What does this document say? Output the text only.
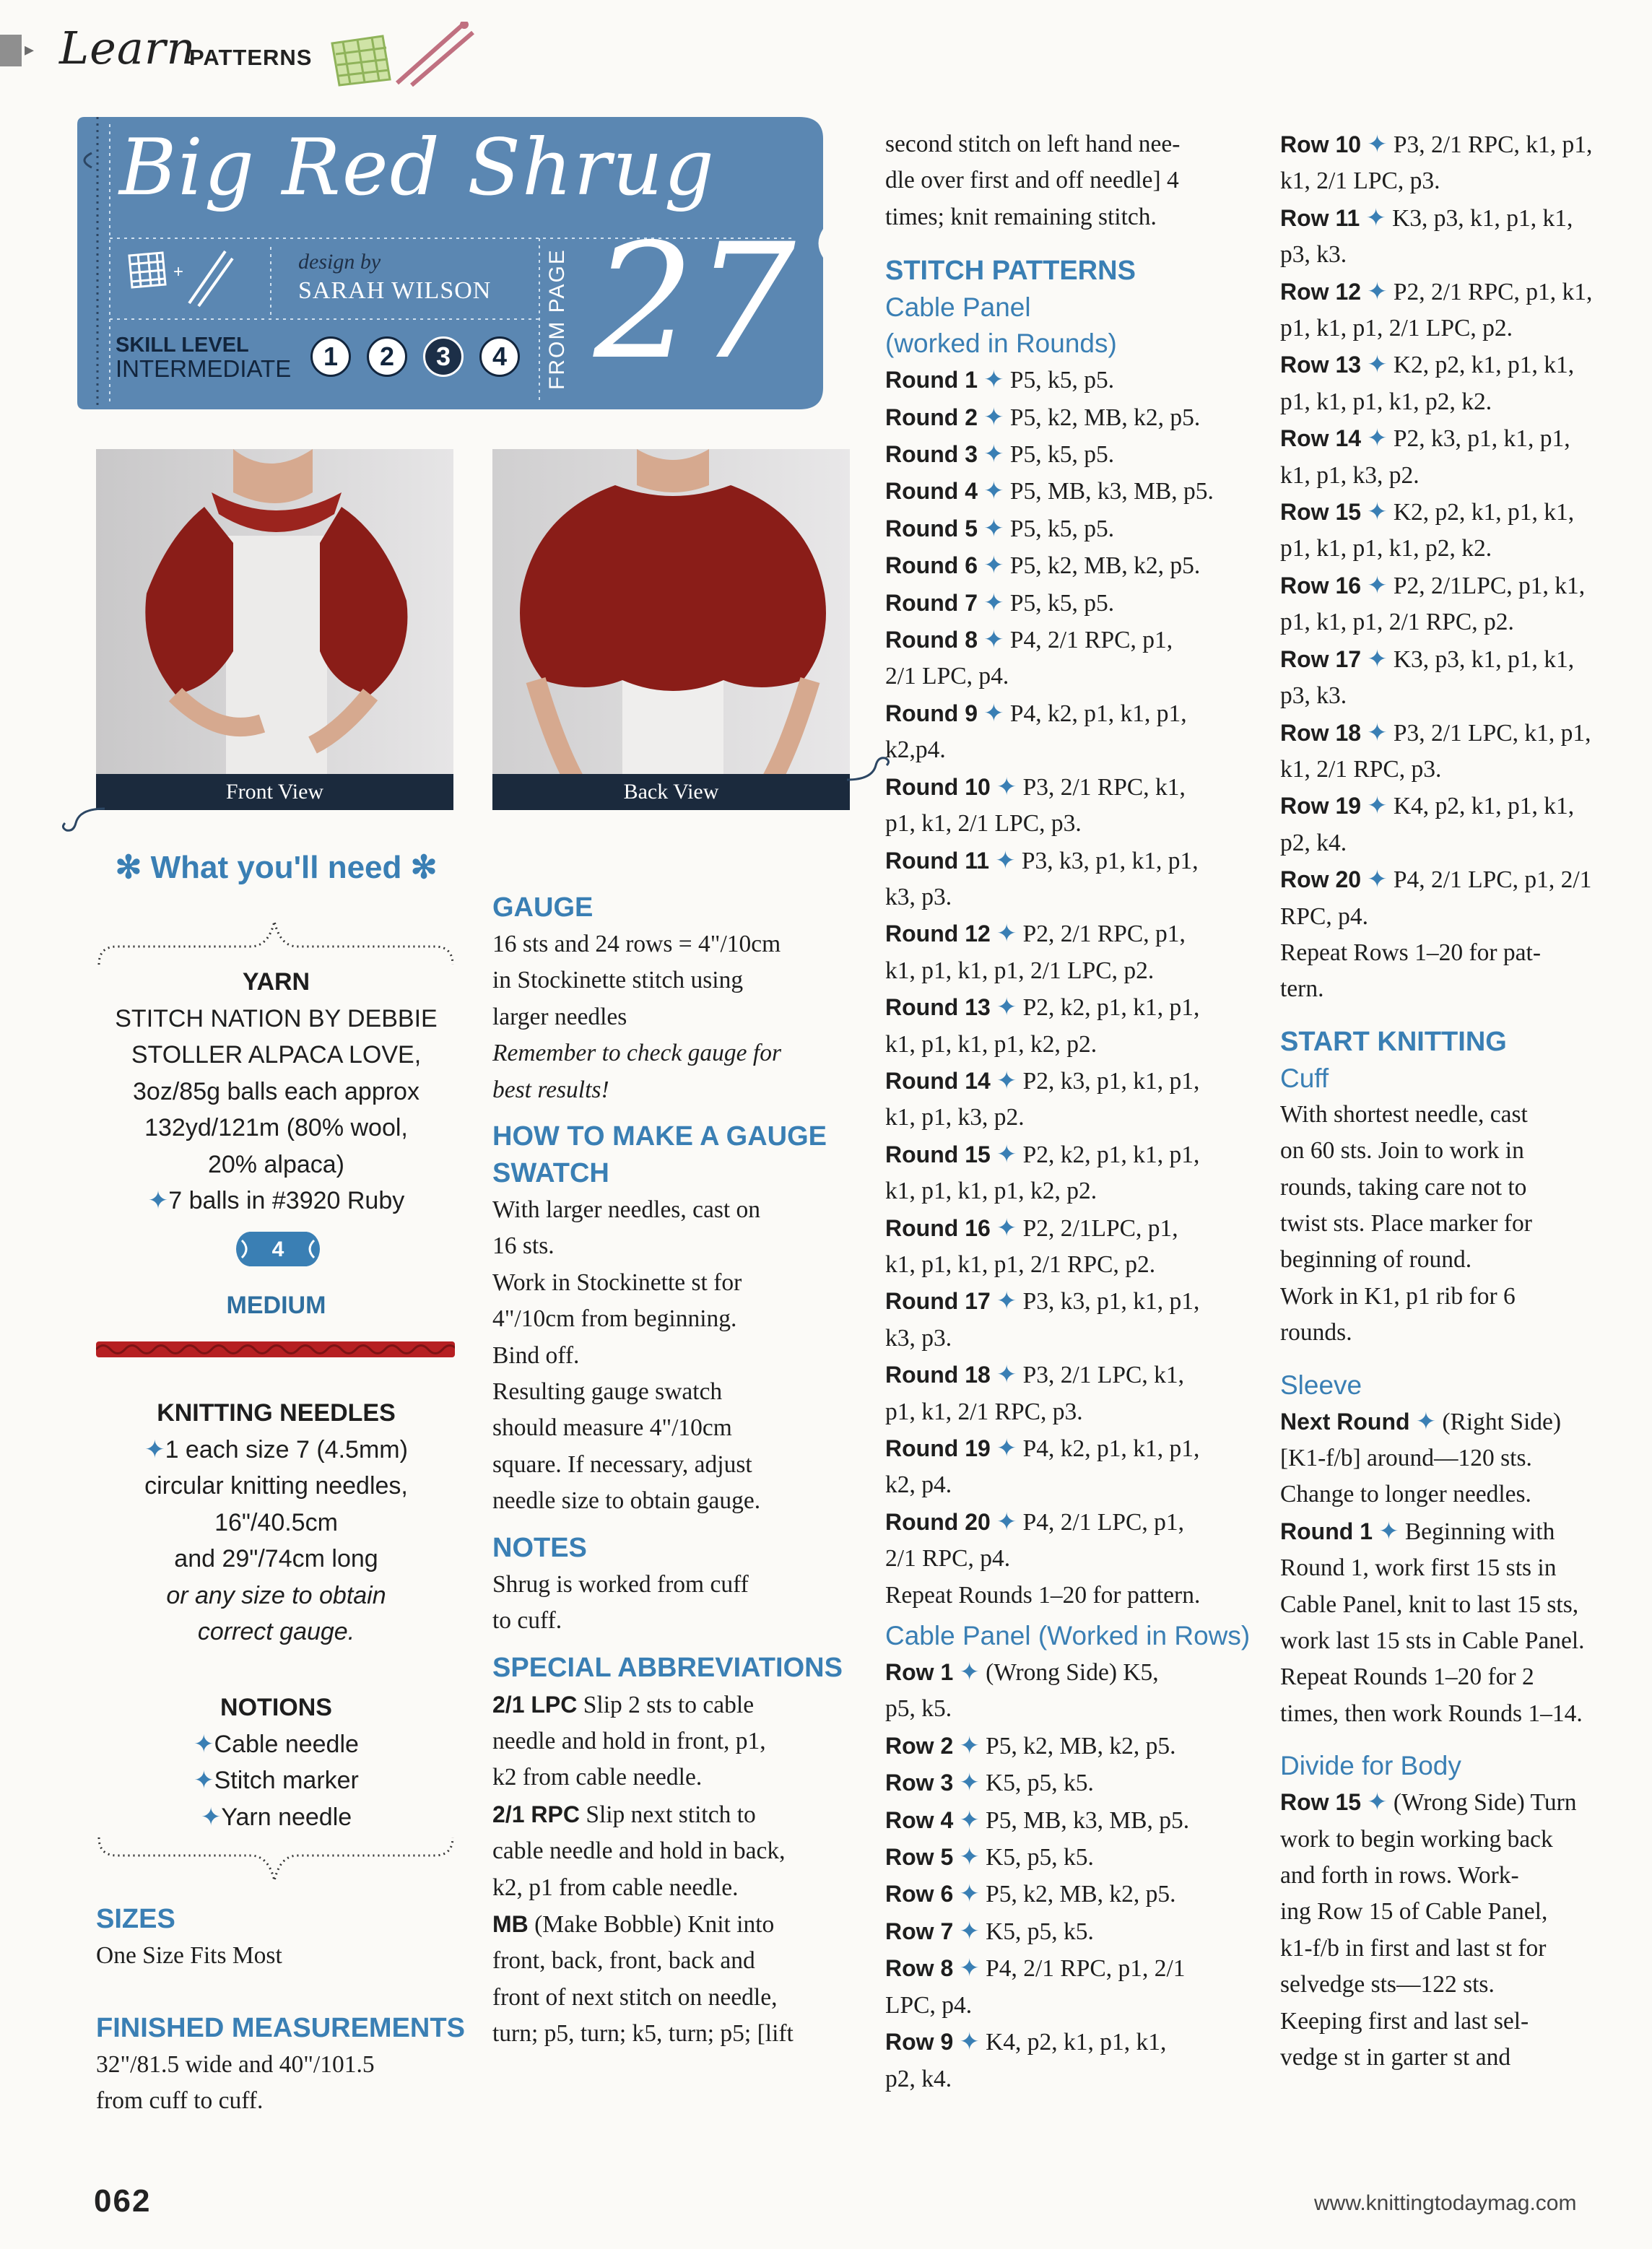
▸ Learn
PATTERNS
+
Big Red Shrug
design by
SARAH WILSON
SKILL LEVEL
INTERMEDIATE	1	2	3	4	FROM PAGE 27
Front View	Back View
✻ What you'll need ✻
YARN
STITCH NATION BY DEBBIE
STOLLER ALPACA LOVE,
3oz/85g balls each approx
132yd/121m (80% wool,
20% alpaca)
✦7 balls in #3920 Ruby
4
MEDIUM
KNITTING NEEDLES
✦1 each size 7 (4.5mm)
circular knitting needles,
16"/40.5cm
and 29"/74cm long
or any size to obtain
correct gauge.
NOTIONS
✦Cable needle
✦Stitch marker
✦Yarn needle
SIZES

One Size Fits Most

FINISHED MEASUREMENTS

32"/81.5 wide and 40"/101.5

from cuff to cuff.

GAUGE

16 sts and 24 rows = 4"/10cm

in Stockinette stitch using

larger needles

Remember to check gauge for

best results!

HOW TO MAKE A GAUGE
SWATCH

With larger needles, cast on

16 sts.

Work in Stockinette st for

4"/10cm from beginning.

Bind off.

Resulting gauge swatch

should measure 4"/10cm

square. If necessary, adjust

needle size to obtain gauge.

NOTES

Shrug is worked from cuff

to cuff.

SPECIAL ABBREVIATIONS

2/1 LPC Slip 2 sts to cable

needle and hold in front, p1,

k2 from cable needle.

2/1 RPC Slip next stitch to

cable needle and hold in back,

k2, p1 from cable needle.

MB (Make Bobble) Knit into

front, back, front, back and

front of next stitch on needle,

turn; p5, turn; k5, turn; p5; [lift

second stitch on left hand nee-

dle over first and off needle] 4

times; knit remaining stitch.

STITCH PATTERNS
Cable Panel
(worked in Rounds)

Round 1 ✦ P5, k5, p5.

Round 2 ✦ P5, k2, MB, k2, p5.

Round 3 ✦ P5, k5, p5.

Round 4 ✦ P5, MB, k3, MB, p5.

Round 5 ✦ P5, k5, p5.

Round 6 ✦ P5, k2, MB, k2, p5.

Round 7 ✦ P5, k5, p5.

Round 8 ✦ P4, 2/1 RPC, p1,

2/1 LPC, p4.

Round 9 ✦ P4, k2, p1, k1, p1,

k2,p4.

Round 10 ✦ P3, 2/1 RPC, k1,

p1, k1, 2/1 LPC, p3.

Round 11 ✦ P3, k3, p1, k1, p1,

k3, p3.

Round 12 ✦ P2, 2/1 RPC, p1,

k1, p1, k1, p1, 2/1 LPC, p2.

Round 13 ✦ P2, k2, p1, k1, p1,

k1, p1, k1, p1, k2, p2.

Round 14 ✦ P2, k3, p1, k1, p1,

k1, p1, k3, p2.

Round 15 ✦ P2, k2, p1, k1, p1,

k1, p1, k1, p1, k2, p2.

Round 16 ✦ P2, 2/1LPC, p1,

k1, p1, k1, p1, 2/1 RPC, p2.

Round 17 ✦ P3, k3, p1, k1, p1,

k3, p3.

Round 18 ✦ P3, 2/1 LPC, k1,

p1, k1, 2/1 RPC, p3.

Round 19 ✦ P4, k2, p1, k1, p1,

k2, p4.

Round 20 ✦ P4, 2/1 LPC, p1,

2/1 RPC, p4.

Repeat Rounds 1–20 for pattern.

Cable Panel (Worked in Rows)

Row 1 ✦ (Wrong Side) K5,

p5, k5.

Row 2 ✦ P5, k2, MB, k2, p5.

Row 3 ✦ K5, p5, k5.

Row 4 ✦ P5, MB, k3, MB, p5.

Row 5 ✦ K5, p5, k5.

Row 6 ✦ P5, k2, MB, k2, p5.

Row 7 ✦ K5, p5, k5.

Row 8 ✦ P4, 2/1 RPC, p1, 2/1

LPC, p4.

Row 9 ✦ K4, p2, k1, p1, k1,

p2, k4.

Row 10 ✦ P3, 2/1 RPC, k1, p1,

k1, 2/1 LPC, p3.

Row 11 ✦ K3, p3, k1, p1, k1,

p3, k3.

Row 12 ✦ P2, 2/1 RPC, p1, k1,

p1, k1, p1, 2/1 LPC, p2.

Row 13 ✦ K2, p2, k1, p1, k1,

p1, k1, p1, k1, p2, k2.

Row 14 ✦ P2, k3, p1, k1, p1,

k1, p1, k3, p2.

Row 15 ✦ K2, p2, k1, p1, k1,

p1, k1, p1, k1, p2, k2.

Row 16 ✦ P2, 2/1LPC, p1, k1,

p1, k1, p1, 2/1 RPC, p2.

Row 17 ✦ K3, p3, k1, p1, k1,

p3, k3.

Row 18 ✦ P3, 2/1 LPC, k1, p1,

k1, 2/1 RPC, p3.

Row 19 ✦ K4, p2, k1, p1, k1,

p2, k4.

Row 20 ✦ P4, 2/1 LPC, p1, 2/1

RPC, p4.

Repeat Rows 1–20 for pat-

tern.

START KNITTING
Cuff

With shortest needle, cast

on 60 sts. Join to work in

rounds, taking care not to

twist sts. Place marker for

beginning of round.

Work in K1, p1 rib for 6

rounds.

Sleeve

Next Round ✦ (Right Side)

[K1-f/b] around—120 sts.

Change to longer needles.

Round 1 ✦ Beginning with

Round 1, work first 15 sts in

Cable Panel, knit to last 15 sts,

work last 15 sts in Cable Panel.

Repeat Rounds 1–20 for 2

times, then work Rounds 1–14.

Divide for Body

Row 15 ✦ (Wrong Side) Turn

work to begin working back

and forth in rows. Work-

ing Row 15 of Cable Panel,

k1-f/b in first and last st for

selvedge sts—122 sts.

Keeping first and last sel-

vedge st in garter st and

062	www.knittingtodaymag.com
